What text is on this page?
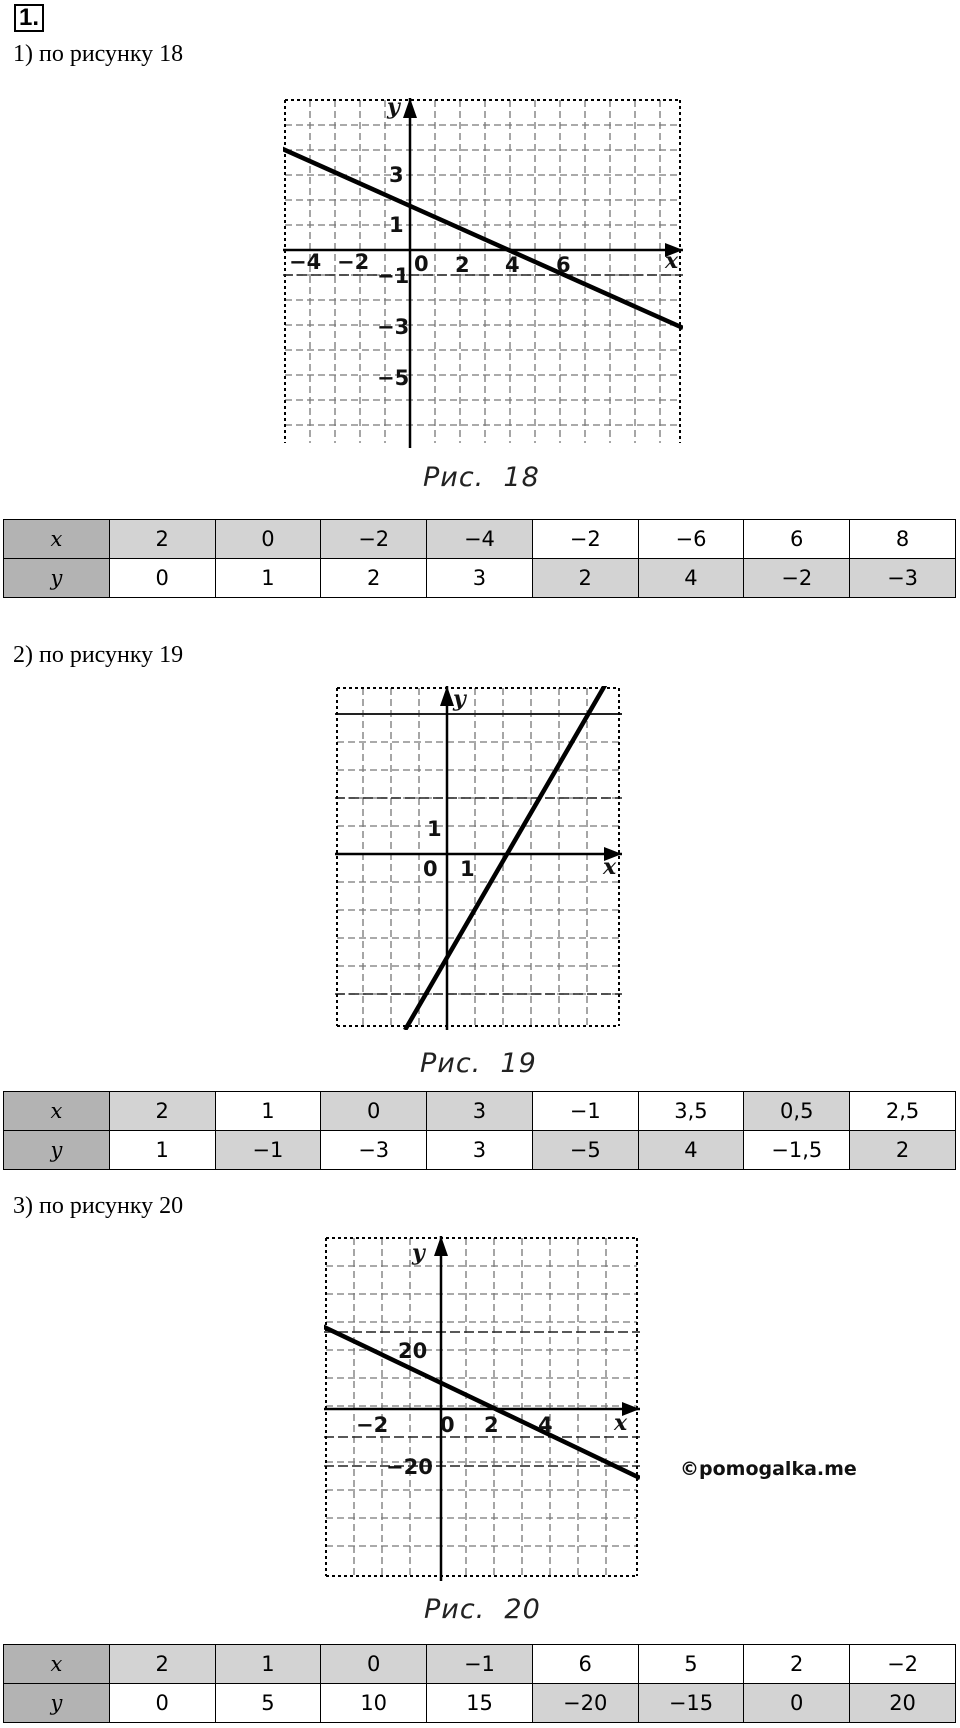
1.
1) по рисунку 18
y
x
−4 −2 0 2 4 6
3
1
−1
−3
−5
Рис.  18
x	2	0	−2	−4	−2	−6	6	8
y	0	1	2	3	2	4	−2	−3
2) по рисунку 19
y
x
0 1
1
Рис.  19
x	2	1	0	3	−1	3,5	0,5	2,5
y	1	−1	−3	3	−5	4	−1,5	2
3) по рисунку 20
y
x
−2 0 2 4
20
−20	©pomogalka.me
Рис.  20
x	2	1	0	−1	6	5	2	−2
y	0	5	10	15	−20	−15	0	20
